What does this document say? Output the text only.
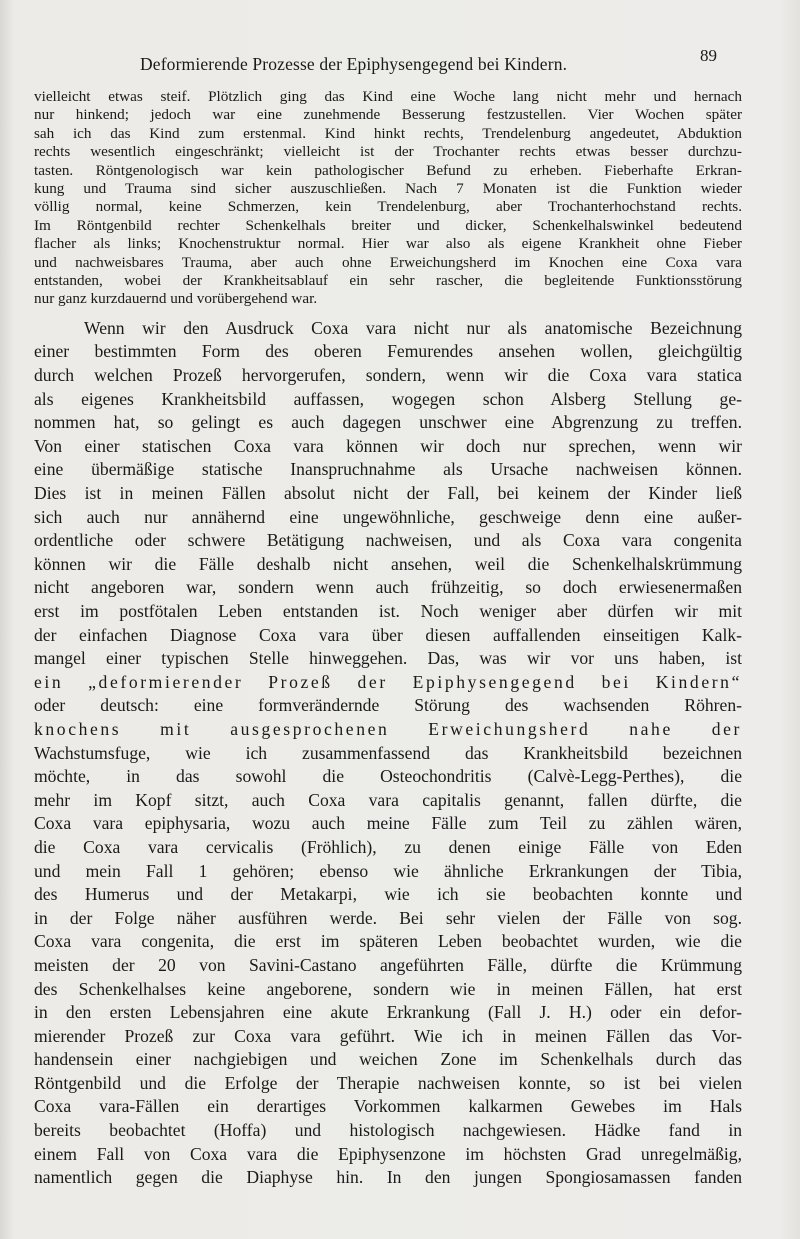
Deformierende Prozesse der Epiphysengegend bei Kindern.	89

vielleicht etwas steif. Plötzlich ging das Kind eine Woche lang nicht mehr und hernach
nur hinkend; jedoch war eine zunehmende Besserung festzustellen. Vier Wochen später
sah ich das Kind zum erstenmal. Kind hinkt rechts, Trendelenburg angedeutet, Abduktion
rechts wesentlich eingeschränkt; vielleicht ist der Trochanter rechts etwas besser durchzu-
tasten. Röntgenologisch war kein pathologischer Befund zu erheben. Fieberhafte Erkran-
kung und Trauma sind sicher auszuschließen. Nach 7 Monaten ist die Funktion wieder
völlig normal, keine Schmerzen, kein Trendelenburg, aber Trochanterhochstand rechts.
Im Röntgenbild rechter Schenkelhals breiter und dicker, Schenkelhalswinkel bedeutend
flacher als links; Knochenstruktur normal. Hier war also als eigene Krankheit ohne Fieber
und nachweisbares Trauma, aber auch ohne Erweichungsherd im Knochen eine Coxa vara
entstanden, wobei der Krankheitsablauf ein sehr rascher, die begleitende Funktionsstörung
nur ganz kurzdauernd und vorübergehend war.

Wenn wir den Ausdruck Coxa vara nicht nur als anatomische Bezeichnung
einer bestimmten Form des oberen Femurendes ansehen wollen, gleichgültig
durch welchen Prozeß hervorgerufen, sondern, wenn wir die Coxa vara statica
als eigenes Krankheitsbild auffassen, wogegen schon Alsberg Stellung ge-
nommen hat, so gelingt es auch dagegen unschwer eine Abgrenzung zu treffen.
Von einer statischen Coxa vara können wir doch nur sprechen, wenn wir
eine übermäßige statische Inanspruchnahme als Ursache nachweisen können.
Dies ist in meinen Fällen absolut nicht der Fall, bei keinem der Kinder ließ
sich auch nur annähernd eine ungewöhnliche, geschweige denn eine außer-
ordentliche oder schwere Betätigung nachweisen, und als Coxa vara congenita
können wir die Fälle deshalb nicht ansehen, weil die Schenkelhalskrümmung
nicht angeboren war, sondern wenn auch frühzeitig, so doch erwiesenermaßen
erst im postfötalen Leben entstanden ist. Noch weniger aber dürfen wir mit
der einfachen Diagnose Coxa vara über diesen auffallenden einseitigen Kalk-
mangel einer typischen Stelle hinweggehen. Das, was wir vor uns haben, ist
ein „deformierender Prozeß der Epiphysengegend bei Kindern“
oder deutsch: eine formverändernde Störung des wachsenden Röhren-
knochens mit ausgesprochenen Erweichungsherd nahe der
Wachstumsfuge, wie ich zusammenfassend das Krankheitsbild bezeichnen
möchte, in das sowohl die Osteochondritis (Calvè-Legg-Perthes), die
mehr im Kopf sitzt, auch Coxa vara capitalis genannt, fallen dürfte, die
Coxa vara epiphysaria, wozu auch meine Fälle zum Teil zu zählen wären,
die Coxa vara cervicalis (Fröhlich), zu denen einige Fälle von Eden
und mein Fall 1 gehören; ebenso wie ähnliche Erkrankungen der Tibia,
des Humerus und der Metakarpi, wie ich sie beobachten konnte und
in der Folge näher ausführen werde. Bei sehr vielen der Fälle von sog.
Coxa vara congenita, die erst im späteren Leben beobachtet wurden, wie die
meisten der 20 von Savini-Castano angeführten Fälle, dürfte die Krümmung
des Schenkelhalses keine angeborene, sondern wie in meinen Fällen, hat erst
in den ersten Lebensjahren eine akute Erkrankung (Fall J. H.) oder ein defor-
mierender Prozeß zur Coxa vara geführt. Wie ich in meinen Fällen das Vor-
handensein einer nachgiebigen und weichen Zone im Schenkelhals durch das
Röntgenbild und die Erfolge der Therapie nachweisen konnte, so ist bei vielen
Coxa vara-Fällen ein derartiges Vorkommen kalkarmen Gewebes im Hals
bereits beobachtet (Hoffa) und histologisch nachgewiesen. Hädke fand in
einem Fall von Coxa vara die Epiphysenzone im höchsten Grad unregelmäßig,
namentlich gegen die Diaphyse hin. In den jungen Spongiosamassen fanden
